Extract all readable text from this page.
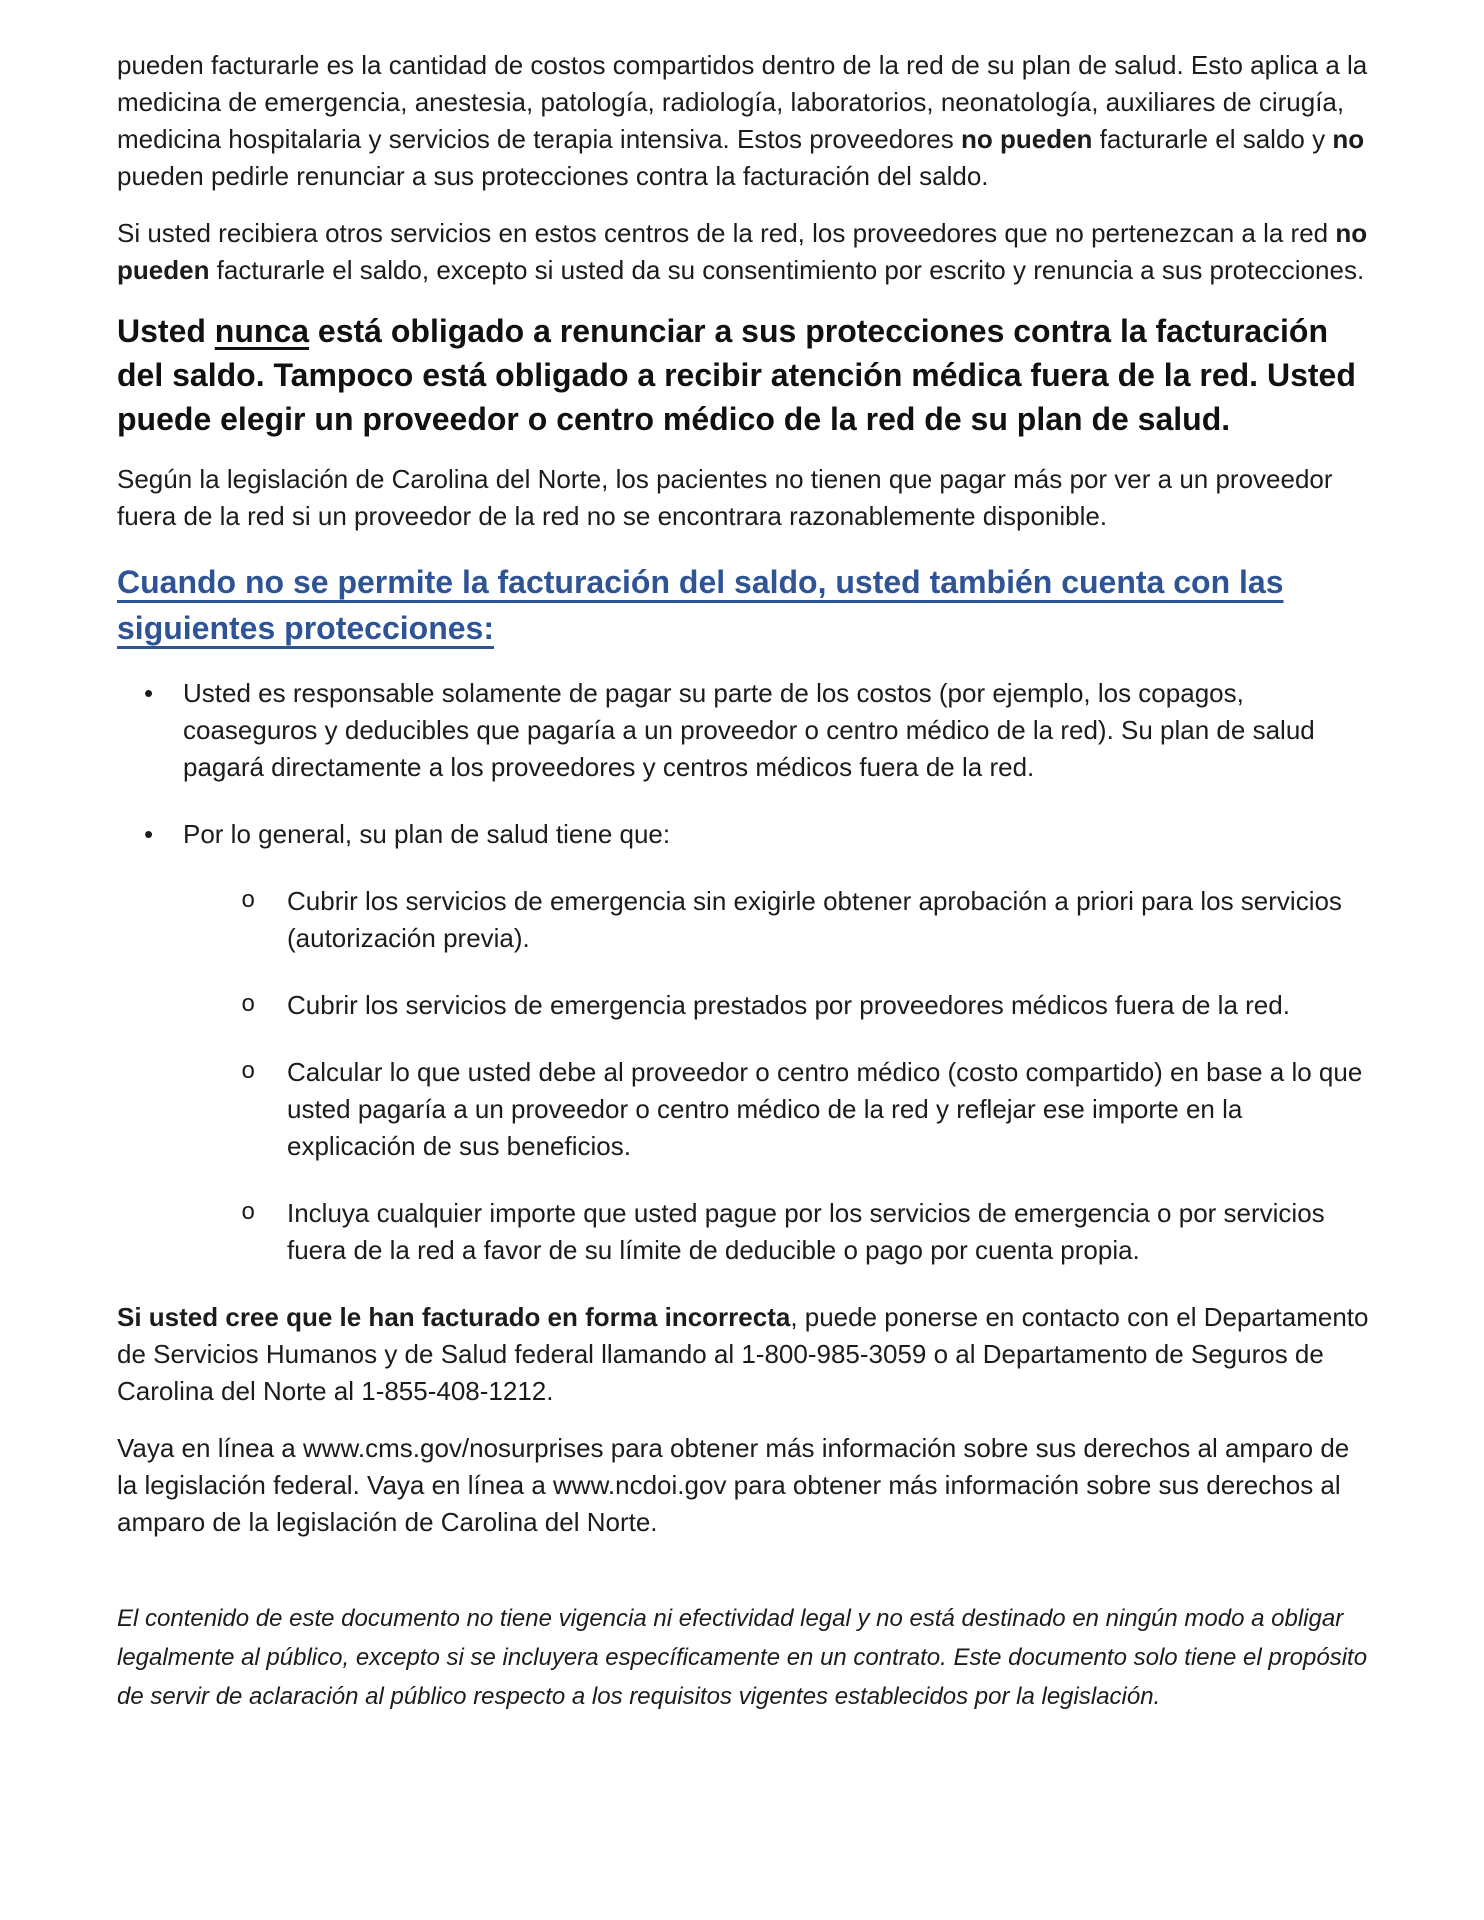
pueden facturarle es la cantidad de costos compartidos dentro de la red de su plan de salud. Esto aplica a la medicina de emergencia, anestesia, patología, radiología, laboratorios, neonatología, auxiliares de cirugía, medicina hospitalaria y servicios de terapia intensiva. Estos proveedores no pueden facturarle el saldo y no pueden pedirle renunciar a sus protecciones contra la facturación del saldo.

Si usted recibiera otros servicios en estos centros de la red, los proveedores que no pertenezcan a la red no pueden facturarle el saldo, excepto si usted da su consentimiento por escrito y renuncia a sus protecciones.

Usted nunca está obligado a renunciar a sus protecciones contra la facturación del saldo. Tampoco está obligado a recibir atención médica fuera de la red. Usted puede elegir un proveedor o centro médico de la red de su plan de salud.

Según la legislación de Carolina del Norte, los pacientes no tienen que pagar más por ver a un proveedor fuera de la red si un proveedor de la red no se encontrara razonablemente disponible.

Cuando no se permite la facturación del saldo, usted también cuenta con las siguientes protecciones:

•	Usted es responsable solamente de pagar su parte de los costos (por ejemplo, los copagos, coaseguros y deducibles que pagaría a un proveedor o centro médico de la red). Su plan de salud pagará directamente a los proveedores y centros médicos fuera de la red.
•	Por lo general, su plan de salud tiene que:
o	Cubrir los servicios de emergencia sin exigirle obtener aprobación a priori para los servicios (autorización previa).
o	Cubrir los servicios de emergencia prestados por proveedores médicos fuera de la red.
o	Calcular lo que usted debe al proveedor o centro médico (costo compartido) en base a lo que usted pagaría a un proveedor o centro médico de la red y reflejar ese importe en la explicación de sus beneficios.
o	Incluya cualquier importe que usted pague por los servicios de emergencia o por servicios fuera de la red a favor de su límite de deducible o pago por cuenta propia.

Si usted cree que le han facturado en forma incorrecta, puede ponerse en contacto con el Departamento de Servicios Humanos y de Salud federal llamando al 1-800-985-3059 o al Departamento de Seguros de Carolina del Norte al 1-855-408-1212.

Vaya en línea a www.cms.gov/nosurprises para obtener más información sobre sus derechos al amparo de la legislación federal. Vaya en línea a www.ncdoi.gov para obtener más información sobre sus derechos al amparo de la legislación de Carolina del Norte.

El contenido de este documento no tiene vigencia ni efectividad legal y no está destinado en ningún modo a obligar legalmente al público, excepto si se incluyera específicamente en un contrato. Este documento solo tiene el propósito de servir de aclaración al público respecto a los requisitos vigentes establecidos por la legislación.
